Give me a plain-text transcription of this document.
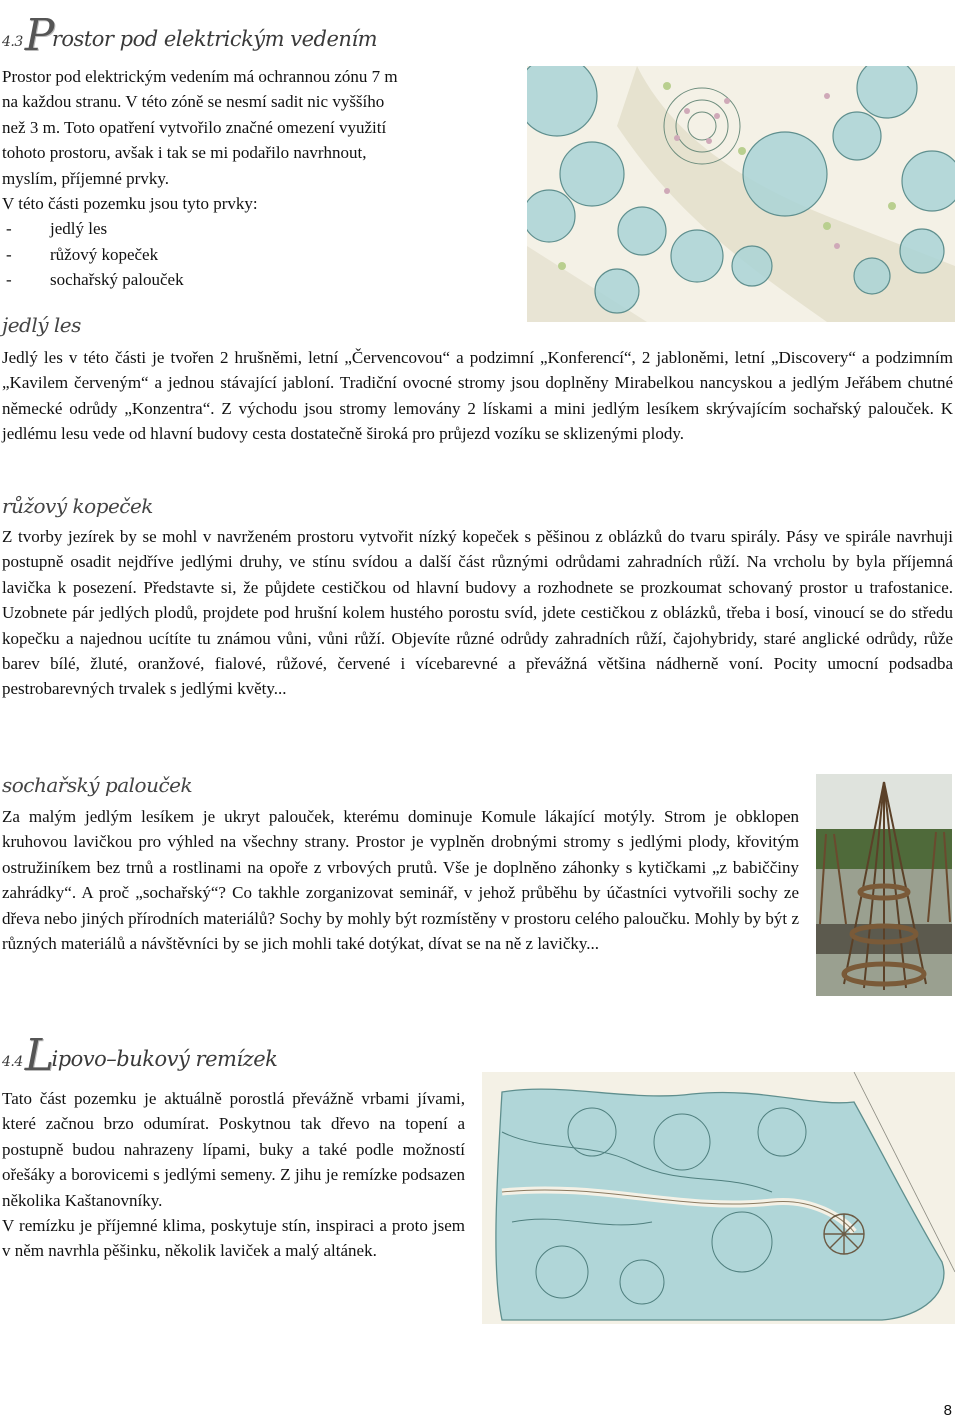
4.3Prostor pod elektrickým vedením
Prostor pod elektrickým vedením má ochrannou zónu 7 m
na každou stranu. V této zóně se nesmí sadit nic vyššího
než 3 m. Toto opatření vytvořilo značné omezení využití
tohoto prostoru, avšak i tak se mi podařilo navrhnout,
myslím, příjemné prvky.
V této části pozemku jsou tyto prvky:
- jedlý les
- růžový kopeček
- sochařský palouček
jedlý les

Jedlý les v této části je tvořen 2 hrušněmi, letní „Červencovou“ a podzimní „Konferencí“, 2 jabloněmi, letní „Discovery“ a podzimním „Kavilem červeným“ a jednou stávající jabloní. Tradiční ovocné stromy jsou doplněny Mirabelkou nancyskou a jedlým Jeřábem chutné německé odrůdy „Konzentra“. Z východu jsou stromy lemovány 2 lískami a mini jedlým lesíkem skrývajícím sochařský palouček. K jedlému lesu vede od hlavní budovy cesta dostatečně široká pro průjezd vozíku se sklizenými plody.

růžový kopeček

Z tvorby jezírek by se mohl v navrženém prostoru vytvořit nízký kopeček s pěšinou z oblázků do tvaru spirály. Pásy ve spirále navrhuji postupně osadit nejdříve jedlými druhy, ve stínu svídou a další část různými odrůdami zahradních růží. Na vrcholu by byla příjemná lavička k posezení. Představte si, že půjdete cestičkou od hlavní budovy a rozhodnete se prozkoumat schovaný prostor u trafostanice. Uzobnete pár jedlých plodů, projdete pod hrušní kolem hustého porostu svíd, jdete cestičkou z oblázků, třeba i bosí, vinoucí se do středu kopečku a najednou ucítíte tu známou vůni, vůni růží. Objevíte různé odrůdy zahradních růží, čajohybridy, staré anglické odrůdy, růže barev bílé, žluté, oranžové, fialové, růžové, červené i vícebarevné a převážná většina nádherně voní. Pocity umocní podsadba pestrobarevných trvalek s jedlými květy...

sochařský palouček

Za malým jedlým lesíkem je ukryt palouček, kterému dominuje Komule lákající motýly. Strom je obklopen kruhovou lavičkou pro výhled na všechny strany. Prostor je vyplněn drobnými stromy s jedlými plody, křovitým ostružiníkem bez trnů a rostlinami na opoře z vrbových prutů. Vše je doplněno záhonky s kytičkami „z babiččiny zahrádky“. A proč „sochařský“? Co takhle zorganizovat seminář, v jehož průběhu by účastníci vytvořili sochy ze dřeva nebo jiných přírodních materiálů? Sochy by mohly být rozmístěny v prostoru celého paloučku. Mohly by být z různých materiálů a návštěvníci by se jich mohli také dotýkat, dívat se na ně z lavičky...

4.4Lipovo–bukový remízek

Tato část pozemku je aktuálně porostlá převážně vrbami jívami, které začnou brzo odumírat. Poskytnou tak dřevo na topení a postupně budou nahrazeny lípami, buky a také podle možností ořešáky a borovicemi s jedlými semeny. Z jihu je remízke podsazen několika Kaštanovníky.

V remízku je příjemné klima, poskytuje stín, inspiraci a proto jsem v něm navrhla pěšinku, několik laviček a malý altánek.

8
